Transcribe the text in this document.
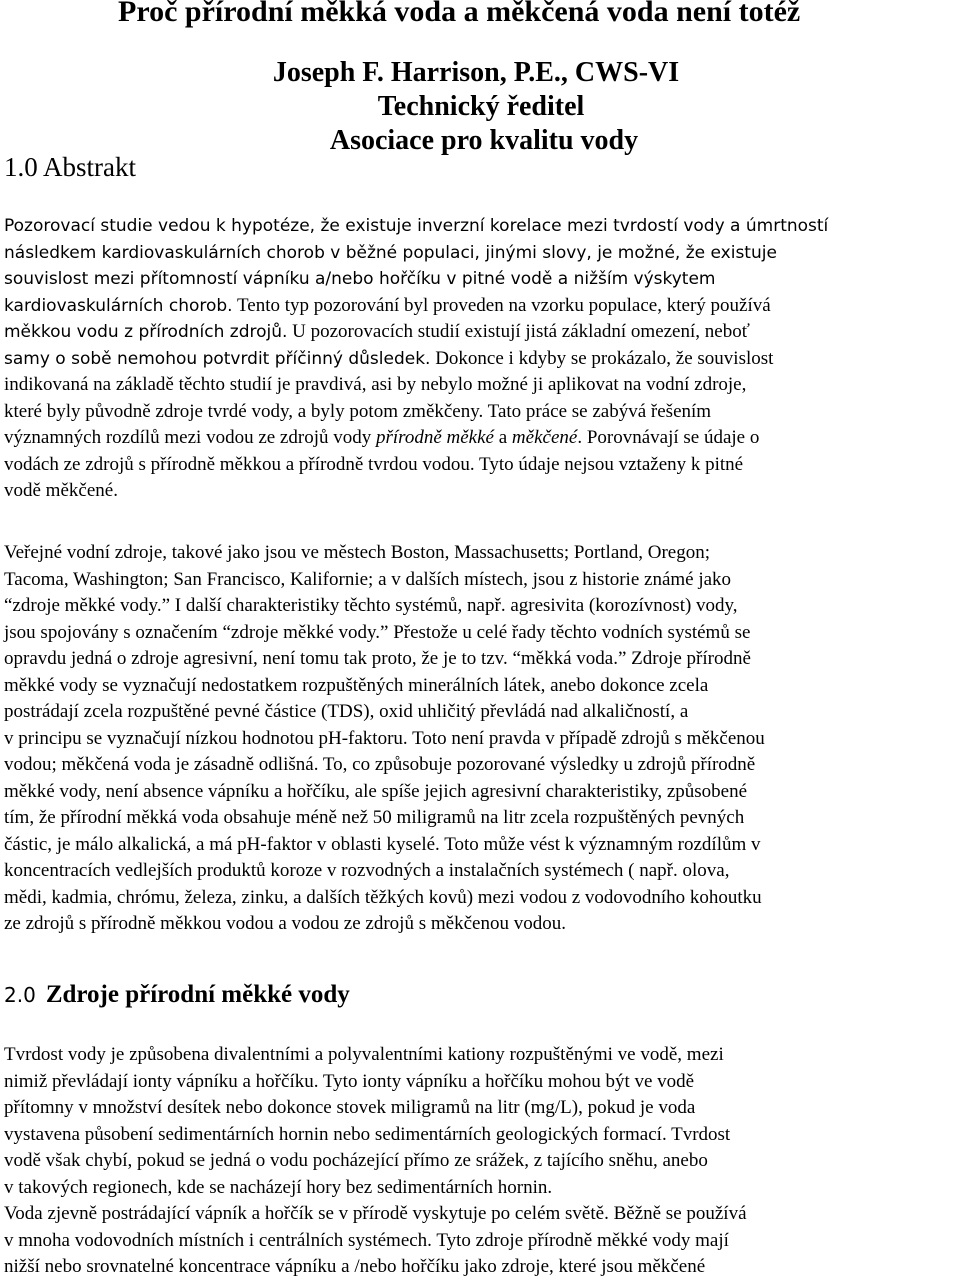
Proč přírodní měkká voda a měkčená voda není totéž
Joseph F. Harrison, P.E., CWS-VI
Technický ředitel
Asociace pro kvalitu vody
1.0 Abstrakt

Pozorovací studie vedou k hypotéze, že existuje inverzní korelace mezi tvrdostí vody a úmrtností
následkem kardiovaskulárních chorob v běžné populaci, jinými slovy, je možné, že existuje
souvislost mezi přítomností vápníku a/nebo hořčíku v pitné vodě a nižším výskytem
kardiovaskulárních chorob. Tento typ pozorování byl proveden na vzorku populace, který používá
měkkou vodu z přírodních zdrojů. U pozorovacích studií existují jistá základní omezení, neboť
samy o sobě nemohou potvrdit příčinný důsledek. Dokonce i kdyby se prokázalo, že souvislost
indikovaná na základě těchto studií je pravdivá, asi by nebylo možné ji aplikovat na vodní zdroje,
které byly původně zdroje tvrdé vody, a byly potom změkčeny. Tato práce se zabývá řešením
významných rozdílů mezi vodou ze zdrojů vody přírodně měkké a měkčené. Porovnávají se údaje o
vodách ze zdrojů s přírodně měkkou a přírodně tvrdou vodou. Tyto údaje nejsou vztaženy k pitné
vodě měkčené.

Veřejné vodní zdroje, takové jako jsou ve městech Boston, Massachusetts; Portland, Oregon;
Tacoma, Washington; San Francisco, Kalifornie; a v dalších místech, jsou z historie známé jako
“zdroje měkké vody.” I další charakteristiky těchto systémů, např. agresivita (korozívnost) vody,
jsou spojovány s označením “zdroje měkké vody.” Přestože u celé řady těchto vodních systémů se
opravdu jedná o zdroje agresivní, není tomu tak proto, že je to tzv. “měkká voda.” Zdroje přírodně
měkké vody se vyznačují nedostatkem rozpuštěných minerálních látek, anebo dokonce zcela
postrádají zcela rozpuštěné pevné částice (TDS), oxid uhličitý převládá nad alkaličností, a
v principu se vyznačují nízkou hodnotou pH-faktoru. Toto není pravda v případě zdrojů s měkčenou
vodou; měkčená voda je zásadně odlišná. To, co způsobuje pozorované výsledky u zdrojů přírodně
měkké vody, není absence vápníku a hořčíku, ale spíše jejich agresivní charakteristiky, způsobené
tím, že přírodní měkká voda obsahuje méně než 50 miligramů na litr zcela rozpuštěných pevných
částic, je málo alkalická, a má pH-faktor v oblasti kyselé. Toto může vést k významným rozdílům v
koncentracích vedlejších produktů koroze v rozvodných a instalačních systémech ( např. olova,
mědi, kadmia, chrómu, železa, zinku, a dalších těžkých kovů) mezi vodou z vodovodního kohoutku
ze zdrojů s přírodně měkkou vodou a vodou ze zdrojů s měkčenou vodou.

2.0 Zdroje přírodní měkké vody

Tvrdost vody je způsobena divalentními a polyvalentními kationy rozpuštěnými ve vodě, mezi
nimiž převládají ionty vápníku a hořčíku. Tyto ionty vápníku a hořčíku mohou být ve vodě
přítomny v množství desítek nebo dokonce stovek miligramů na litr (mg/L), pokud je voda
vystavena působení sedimentárních hornin nebo sedimentárních geologických formací. Tvrdost
vodě však chybí, pokud se jedná o vodu pocházející přímo ze srážek, z tajícího sněhu, anebo
v takových regionech, kde se nacházejí hory bez sedimentárních hornin.
Voda zjevně postrádající vápník a hořčík se v přírodě vyskytuje po celém světě. Běžně se používá
v mnoha vodovodních místních i centrálních systémech. Tyto zdroje přírodně měkké vody mají
nižší nebo srovnatelné koncentrace vápníku a /nebo hořčíku jako zdroje, které jsou měkčené
